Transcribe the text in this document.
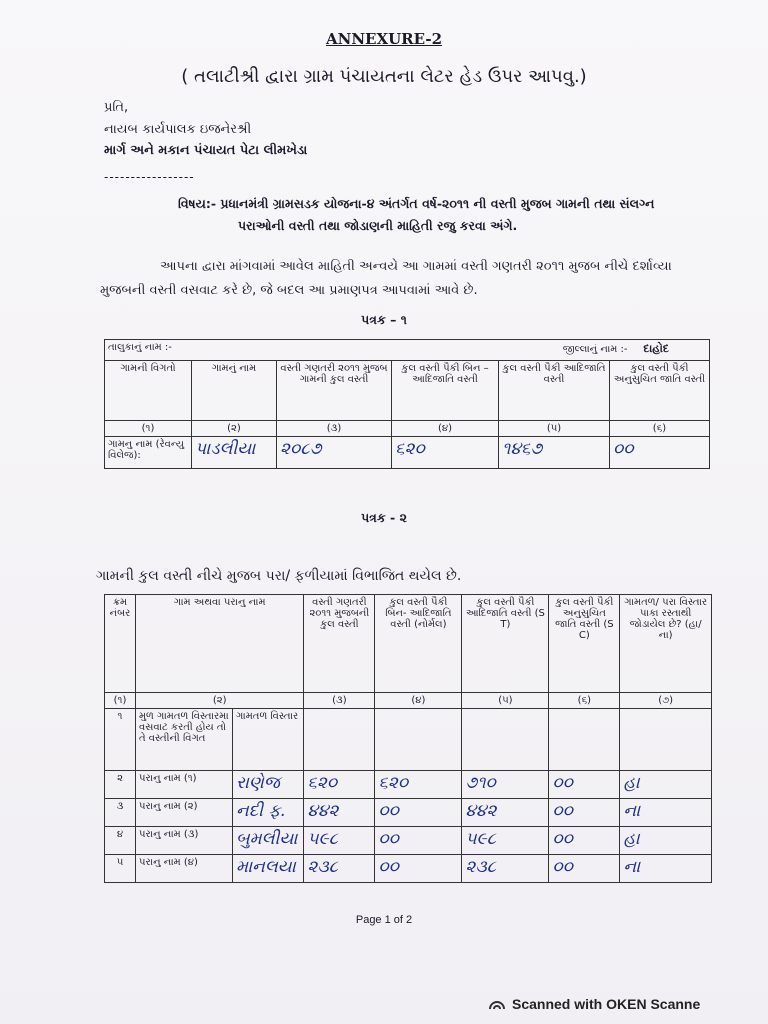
ANNEXURE-2
( તલાટીશ્રી દ્વારા ગ્રામ પંચાયતના લેટર હેડ ઉપર આપવુ.)
પ્રતિ,
નાયબ કાર્યપાલક ઇજનેરશ્રી
માર્ગ અને મકાન પંચાયત પેટા લીમખેડા
-----------------
વિષય:- પ્રધાનમંત્રી ગ્રામસડક યોજના-૪ અંતર્ગત વર્ષ-૨૦૧૧ ની વસ્તી મુજબ ગામની તથા સંલગ્ન
પરાઓની વસ્તી તથા જોડાણની માહિતી રજુ કરવા અંગે.
આપના દ્વારા માંગવામાં આવેલ માહિતી અન્વયે આ ગામમાં વસ્તી ગણતરી ૨૦૧૧ મુજબ નીચે દર્શાવ્યા મુજબની વસ્તી વસવાટ કરે છે, જે બદલ આ પ્રમાણપત્ર આપવામાં આવે છે.
પત્રક – ૧
તાલુકાનું નામ :-			જીલ્લાનું નામ :- દાહોદ		
ગામની વિગતો	ગામનું નામ	વસ્તી ગણતરી ૨૦૧૧ મુજબ ગામની કુલ વસ્તી	કુલ વસ્તી પૈકી બિન – આદિજાતિ વસ્તી	કુલ વસ્તી પૈકી આદિજાતિ વસ્તી	કુલ વસ્તી પૈકી અનુસુચિત જાતિ વસ્તી
(૧)	(૨)	(૩)	(૪)	(૫)	(૬)
ગામનુ નામ (રેવન્યુ વિલેજ):	પાડલીયા	૨૦૮૭	૬૨૦	૧૪૬૭	૦૦
પત્રક - ૨
ગામની કુલ વસ્તી નીચે મુજબ પરા/ ફળીયામાં વિભાજિત થયેલ છે.
ક્રમ નંબર	ગામ અથવા પરાનુ નામ		વસ્તી ગણતરી ૨૦૧૧ મુજબની કુલ વસ્તી	કુલ વસ્તી પૈકી બિન- આદિજાતિ વસ્તી (નોર્મલ)	કુલ વસ્તી પૈકી આદિજાતિ વસ્તી (S T)	કુલ વસ્તી પૈકી અનુસુચિત જાતિ વસ્તી (S C)	ગામતળ/ પરા વિસ્તાર પાકા રસ્તાથી જોડાયેલ છે? (હા/ ના)
(૧)	(૨)		(૩)	(૪)	(૫)	(૬)	(૭)
૧	મુળ ગામતળ વિસ્તારમા વસવાટ કરતી હોય તો તે વસ્તીની વિગત	ગામતળ વિસ્તાર					
૨	પરાનુ નામ (૧)	રાણેજ	૬૨૦	૬૨૦	૭૧૦	૦૦	હા
૩	પરાનુ નામ (૨)	નદી ફ.	૪૪૨	૦૦	૪૪૨	૦૦	ના
૪	પરાનુ નામ (૩)	બુમલીયા	૫૯૮	૦૦	૫૯૮	૦૦	હા
૫	પરાનુ નામ (૪)	માનલયા	૨૩૮	૦૦	૨૩૮	૦૦	ના
Page 1 of 2
Scanned with OKEN Scanne
